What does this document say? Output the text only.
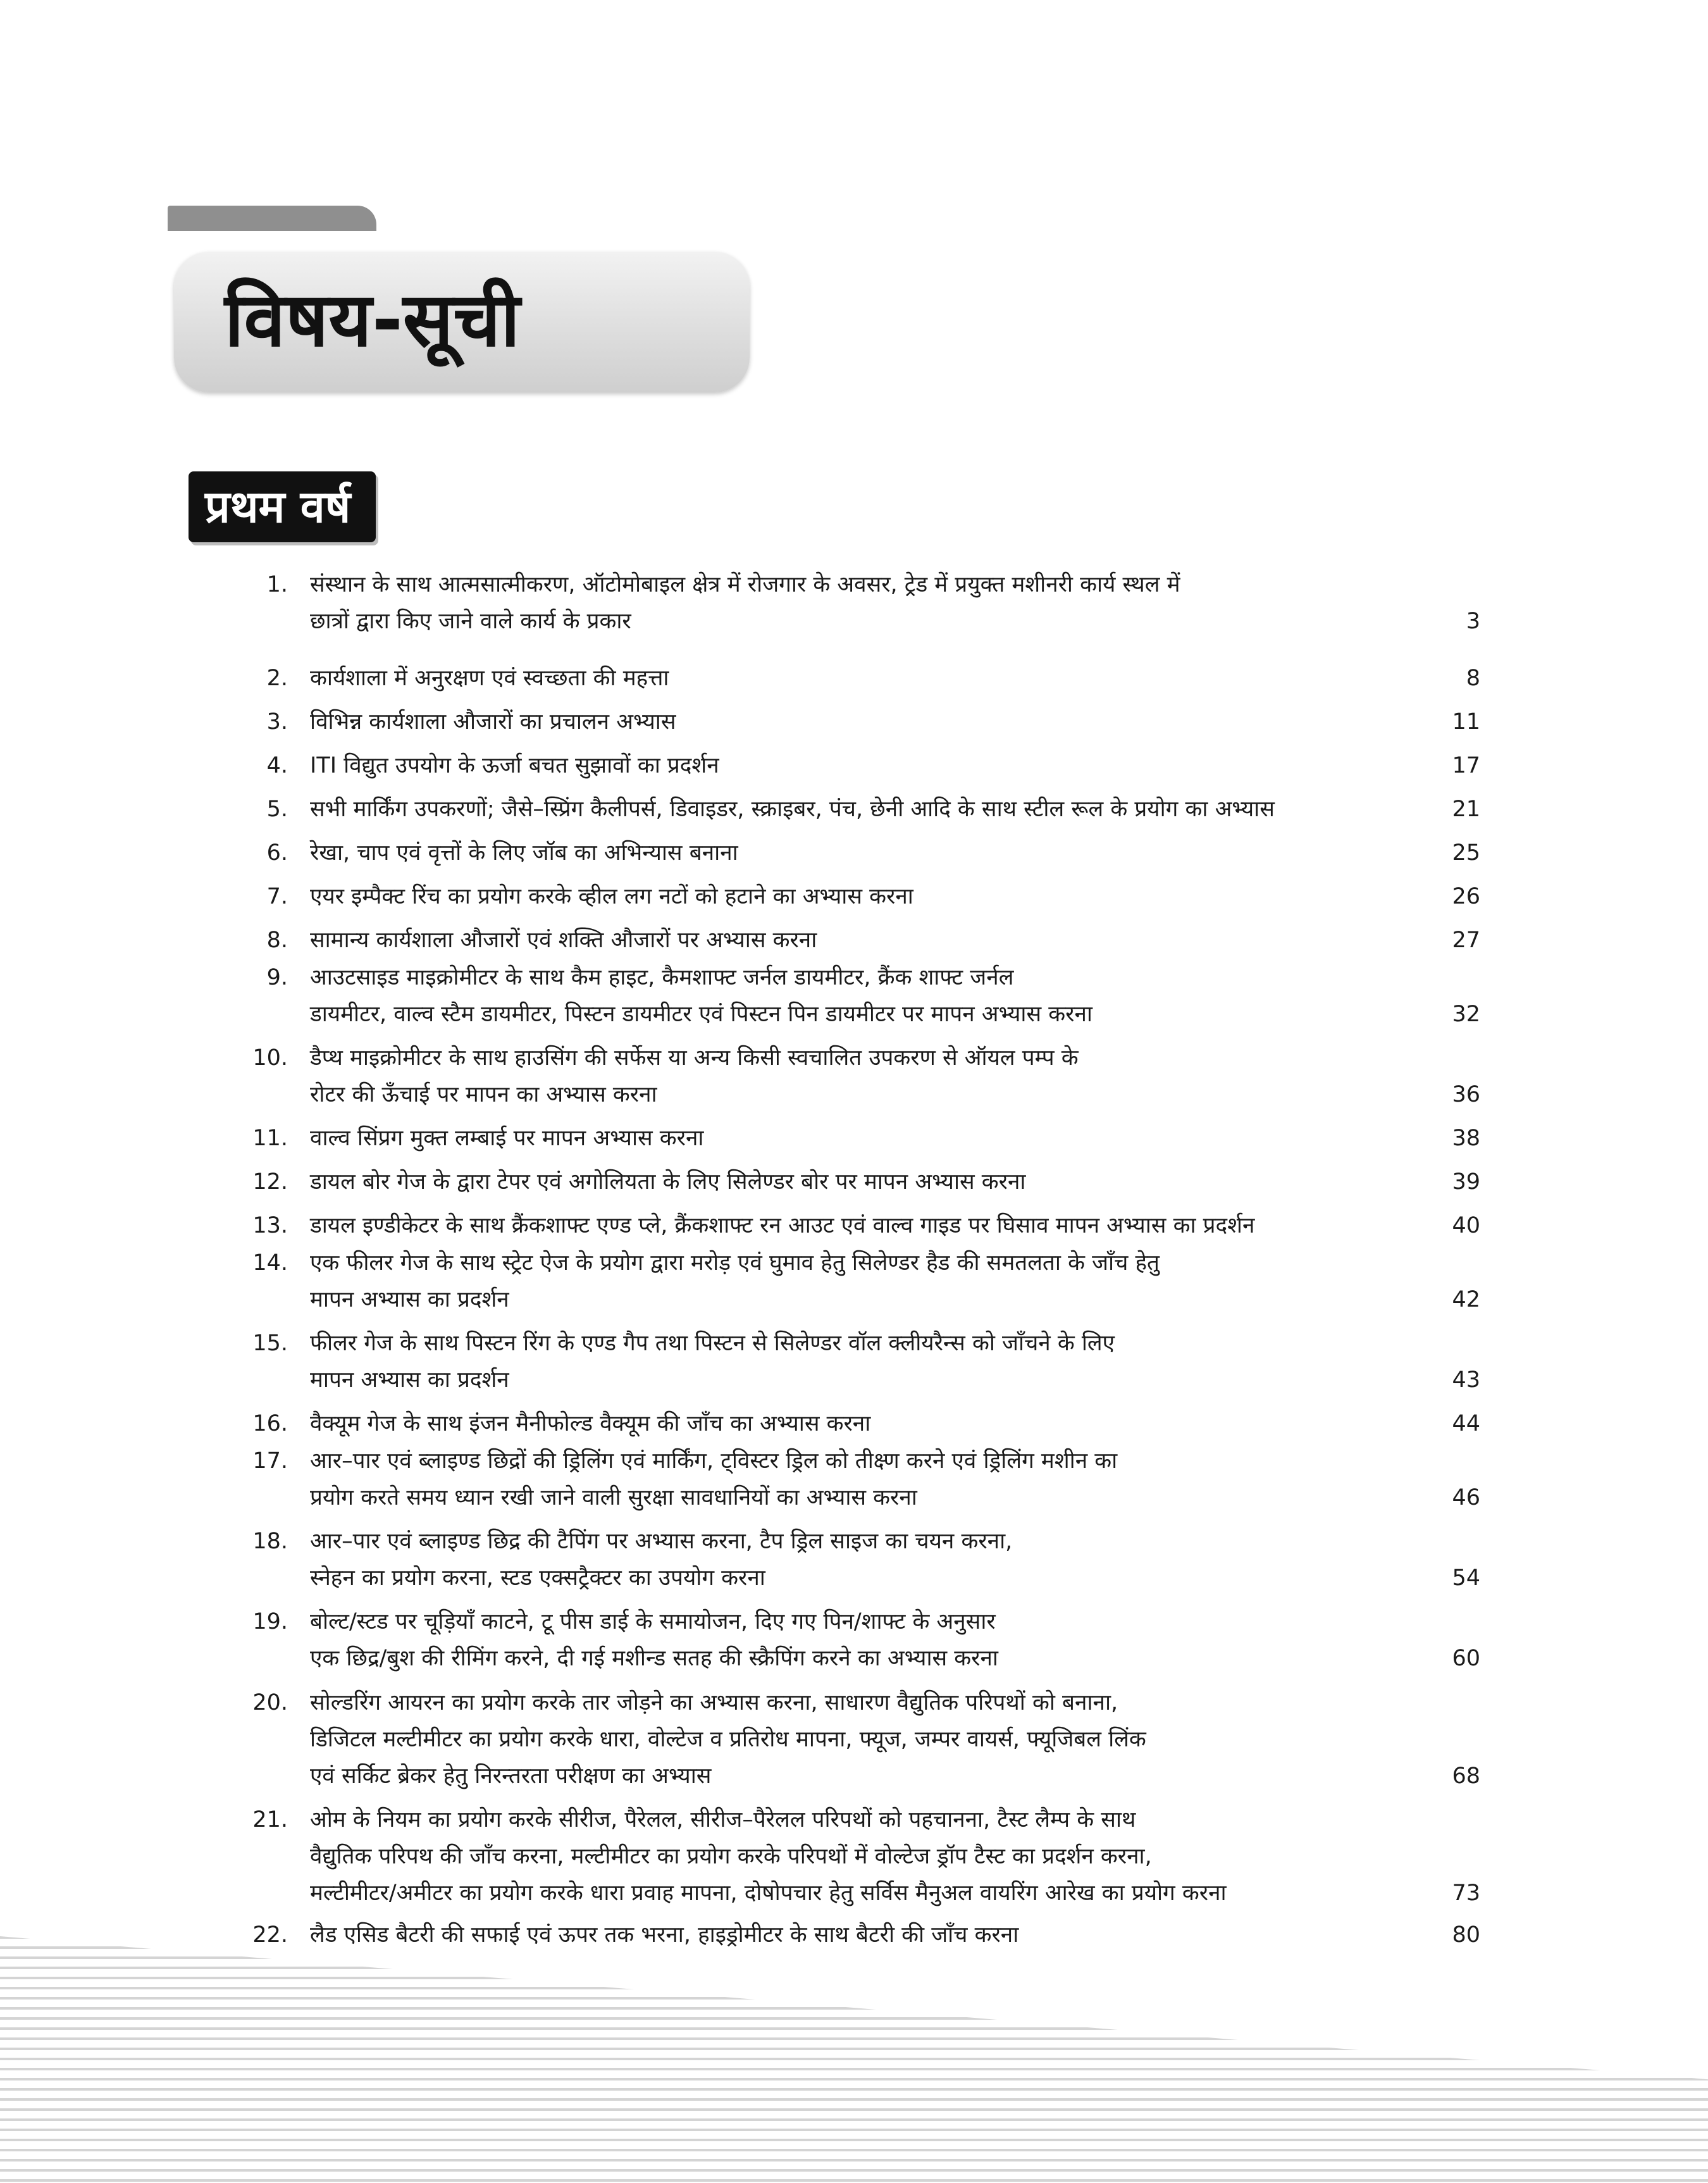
विषय-सूची
प्रथम वर्ष
1. संस्थान के साथ आत्मसात्मीकरण, ऑटोमोबाइल क्षेत्र में रोजगार के अवसर, ट्रेड में प्रयुक्त मशीनरी कार्य स्थल में
छात्रों द्वारा किए जाने वाले कार्य के प्रकार	3
2. कार्यशाला में अनुरक्षण एवं स्वच्छता की महत्ता	8
3. विभिन्न कार्यशाला औजारों का प्रचालन अभ्यास	11
4. ITI विद्युत उपयोग के ऊर्जा बचत सुझावों का प्रदर्शन	17
5. सभी मार्किंग उपकरणों; जैसे–स्प्रिंग कैलीपर्स, डिवाइडर, स्क्राइबर, पंच, छेनी आदि के साथ स्टील रूल के प्रयोग का अभ्यास	21
6. रेखा, चाप एवं वृत्तों के लिए जॉब का अभिन्यास बनाना	25
7. एयर इम्पैक्ट रिंच का प्रयोग करके व्हील लग नटों को हटाने का अभ्यास करना	26
8. सामान्य कार्यशाला औजारों एवं शक्ति औजारों पर अभ्यास करना	27
9. आउटसाइड माइक्रोमीटर के साथ कैम हाइट, कैमशाफ्ट जर्नल डायमीटर, क्रैंक शाफ्ट जर्नल
डायमीटर, वाल्व स्टैम डायमीटर, पिस्टन डायमीटर एवं पिस्टन पिन डायमीटर पर मापन अभ्यास करना	32
10. डैप्थ माइक्रोमीटर के साथ हाउसिंग की सर्फेस या अन्य किसी स्वचालित उपकरण से ऑयल पम्प के
रोटर की ऊँचाई पर मापन का अभ्यास करना	36
11. वाल्व सिंप्रग मुक्त लम्बाई पर मापन अभ्यास करना	38
12. डायल बोर गेज के द्वारा टेपर एवं अगोलियता के लिए सिलेण्डर बोर पर मापन अभ्यास करना	39
13. डायल इण्डीकेटर के साथ क्रैंकशाफ्ट एण्ड प्ले, क्रैंकशाफ्ट रन आउट एवं वाल्व गाइड पर घिसाव मापन अभ्यास का प्रदर्शन	40
14. एक फीलर गेज के साथ स्ट्रेट ऐज के प्रयोग द्वारा मरोड़ एवं घुमाव हेतु सिलेण्डर हैड की समतलता के जाँच हेतु
मापन अभ्यास का प्रदर्शन	42
15. फीलर गेज के साथ पिस्टन रिंग के एण्ड गैप तथा पिस्टन से सिलेण्डर वॉल क्लीयरैन्स को जाँचने के लिए
मापन अभ्यास का प्रदर्शन	43
16. वैक्यूम गेज के साथ इंजन मैनीफोल्ड वैक्यूम की जाँच का अभ्यास करना	44
17. आर–पार एवं ब्लाइण्ड छिद्रों की ड्रिलिंग एवं मार्किंग, ट्विस्टर ड्रिल को तीक्ष्ण करने एवं ड्रिलिंग मशीन का
प्रयोग करते समय ध्यान रखी जाने वाली सुरक्षा सावधानियों का अभ्यास करना	46
18. आर–पार एवं ब्लाइण्ड छिद्र की टैपिंग पर अभ्यास करना, टैप ड्रिल साइज का चयन करना,
स्नेहन का प्रयोग करना, स्टड एक्सट्रैक्टर का उपयोग करना	54
19. बोल्ट/स्टड पर चूड़ियाँ काटने, टू पीस डाई के समायोजन, दिए गए पिन/शाफ्ट के अनुसार
एक छिद्र/बुश की रीमिंग करने, दी गई मशीन्ड सतह की स्क्रैपिंग करने का अभ्यास करना	60
20. सोल्डरिंग आयरन का प्रयोग करके तार जोड़ने का अभ्यास करना, साधारण वैद्युतिक परिपथों को बनाना,
डिजिटल मल्टीमीटर का प्रयोग करके धारा, वोल्टेज व प्रतिरोध मापना, फ्यूज, जम्पर वायर्स, फ्यूजिबल लिंक
एवं सर्किट ब्रेकर हेतु निरन्तरता परीक्षण का अभ्यास	68
21. ओम के नियम का प्रयोग करके सीरीज, पैरेलल, सीरीज–पैरेलल परिपथों को पहचानना, टैस्ट लैम्प के साथ
वैद्युतिक परिपथ की जाँच करना, मल्टीमीटर का प्रयोग करके परिपथों में वोल्टेज ड्रॉप टैस्ट का प्रदर्शन करना,
मल्टीमीटर/अमीटर का प्रयोग करके धारा प्रवाह मापना, दोषोपचार हेतु सर्विस मैनुअल वायरिंग आरेख का प्रयोग करना	73
22. लैड एसिड बैटरी की सफाई एवं ऊपर तक भरना, हाइड्रोमीटर के साथ बैटरी की जाँच करना	80
